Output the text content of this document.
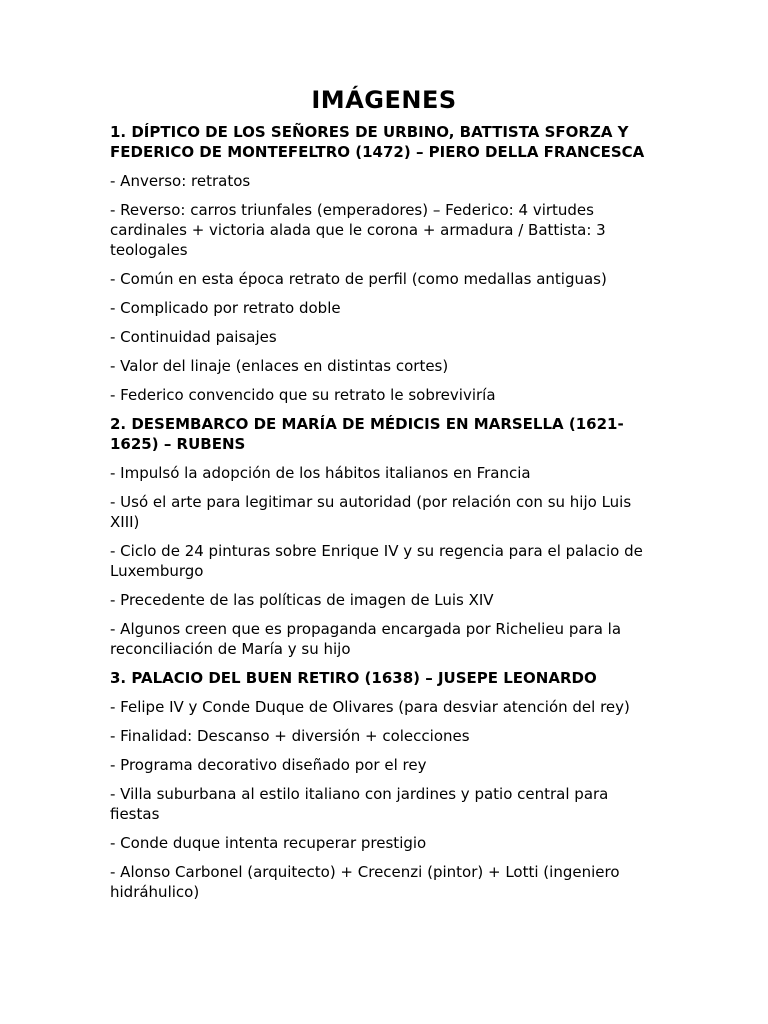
IMÁGENES
1. DÍPTICO DE LOS SEÑORES DE URBINO, BATTISTA SFORZA Y FEDERICO DE MONTEFELTRO (1472) – PIERO DELLA FRANCESCA
- Anverso: retratos
- Reverso: carros triunfales (emperadores) – Federico: 4 virtudes cardinales + victoria alada que le corona + armadura / Battista: 3 teologales
- Común en esta época retrato de perfil (como medallas antiguas)
- Complicado por retrato doble
- Continuidad paisajes
- Valor del linaje (enlaces en distintas cortes)
- Federico convencido que su retrato le sobreviviría
2. DESEMBARCO DE MARÍA DE MÉDICIS EN MARSELLA (1621-1625) – RUBENS
- Impulsó la adopción de los hábitos italianos en Francia
- Usó el arte para legitimar su autoridad (por relación con su hijo Luis XIII)
- Ciclo de 24 pinturas sobre Enrique IV y su regencia para el palacio de Luxemburgo
- Precedente de las políticas de imagen de Luis XIV
- Algunos creen que es propaganda encargada por Richelieu para la reconciliación de María y su hijo
3. PALACIO DEL BUEN RETIRO (1638) – JUSEPE LEONARDO
- Felipe IV y Conde Duque de Olivares (para desviar atención del rey)
- Finalidad: Descanso + diversión + colecciones
- Programa decorativo diseñado por el rey
- Villa suburbana al estilo italiano con jardines y patio central para fiestas
- Conde duque intenta recuperar prestigio
- Alonso Carbonel (arquitecto) + Crecenzi (pintor) + Lotti (ingeniero hidráhulico)
